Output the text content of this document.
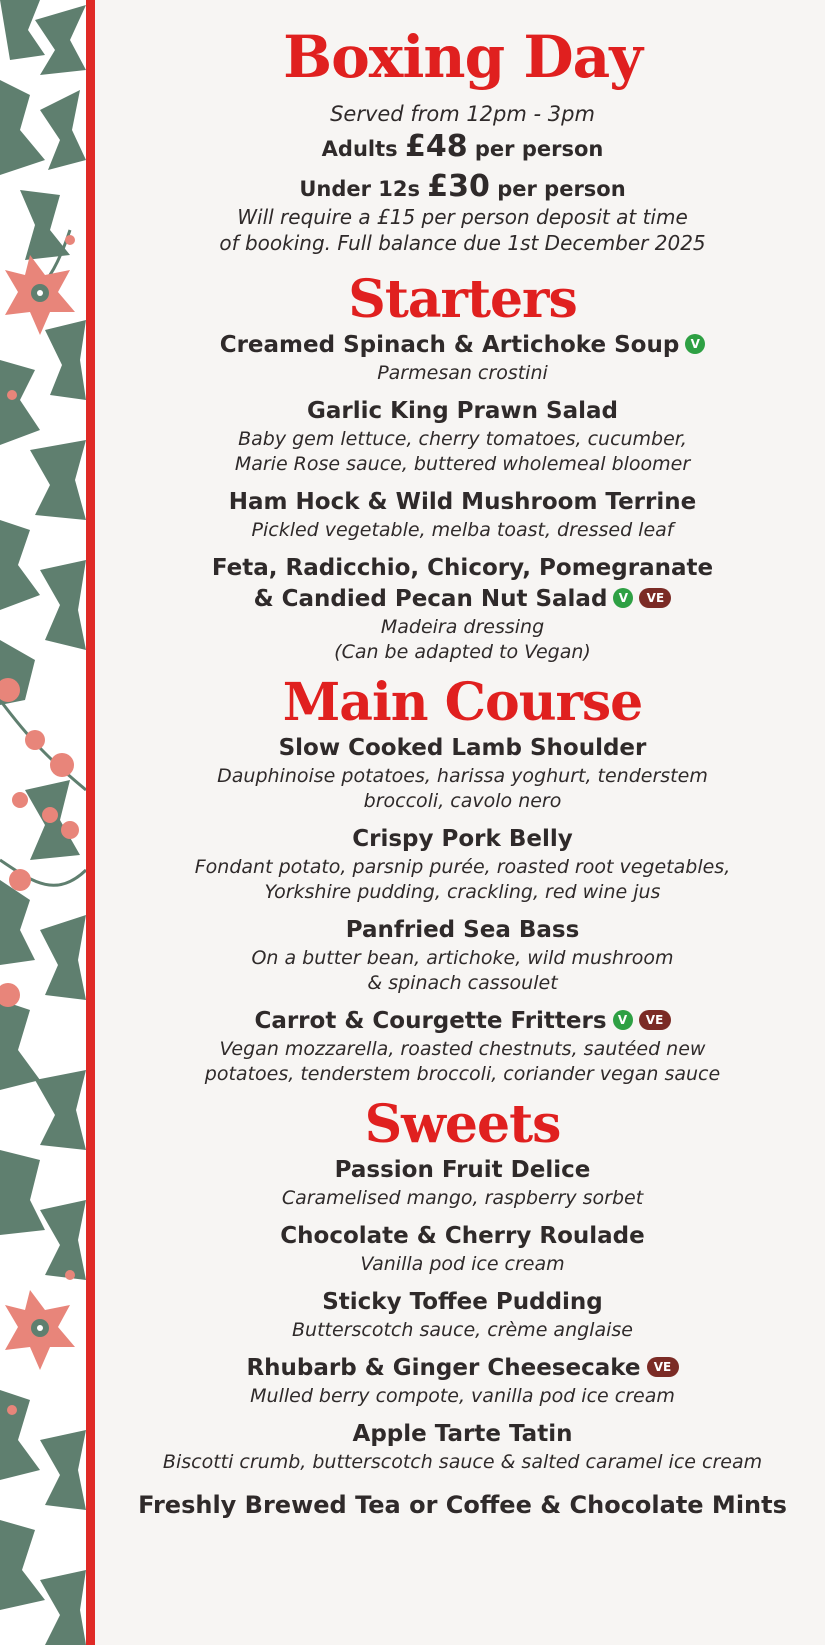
Boxing Day
Served from 12pm - 3pm
Adults £48 per person
Under 12s £30 per person
Will require a £15 per person deposit at time
of booking. Full balance due 1st December 2025
Starters
Creamed Spinach & Artichoke Soup V
Parmesan crostini
Garlic King Prawn Salad
Baby gem lettuce, cherry tomatoes, cucumber,
Marie Rose sauce, buttered wholemeal bloomer
Ham Hock & Wild Mushroom Terrine
Pickled vegetable, melba toast, dressed leaf
Feta, Radicchio, Chicory, Pomegranate
& Candied Pecan Nut Salad V VE
Madeira dressing
(Can be adapted to Vegan)
Main Course
Slow Cooked Lamb Shoulder
Dauphinoise potatoes, harissa yoghurt, tenderstem
broccoli, cavolo nero
Crispy Pork Belly
Fondant potato, parsnip purée, roasted root vegetables,
Yorkshire pudding, crackling, red wine jus
Panfried Sea Bass
On a butter bean, artichoke, wild mushroom
& spinach cassoulet
Carrot & Courgette Fritters V VE
Vegan mozzarella, roasted chestnuts, sautéed new
potatoes, tenderstem broccoli, coriander vegan sauce
Sweets
Passion Fruit Delice
Caramelised mango, raspberry sorbet
Chocolate & Cherry Roulade
Vanilla pod ice cream
Sticky Toffee Pudding
Butterscotch sauce, crème anglaise
Rhubarb & Ginger Cheesecake VE
Mulled berry compote, vanilla pod ice cream
Apple Tarte Tatin
Biscotti crumb, butterscotch sauce & salted caramel ice cream
Freshly Brewed Tea or Coffee & Chocolate Mints
